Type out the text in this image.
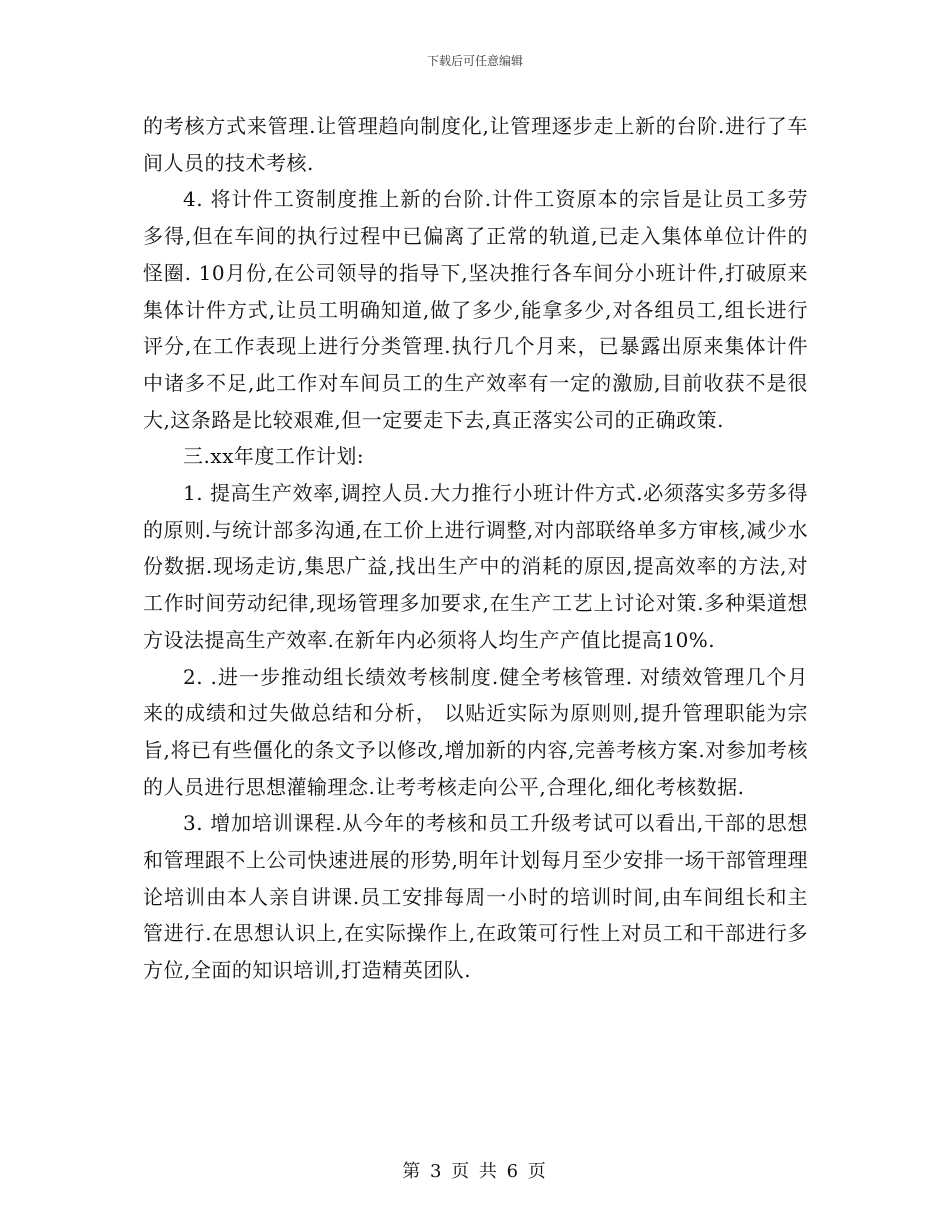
下载后可任意编辑

的考核方式来管理.让管理趋向制度化,让管理逐步走上新的台阶.进行了车间人员的技术考核.

4. 将计件工资制度推上新的台阶.计件工资原本的宗旨是让员工多劳多得,但在车间的执行过程中已偏离了正常的轨道,已走入集体单位计件的怪圈. 10月份,在公司领导的指导下,坚决推行各车间分小班计件,打破原来集体计件方式,让员工明确知道,做了多少,能拿多少,对各组员工,组长进行评分,在工作表现上进行分类管理.执行几个月来，已暴露出原来集体计件中诸多不足,此工作对车间员工的生产效率有一定的激励,目前收获不是很大,这条路是比较艰难,但一定要走下去,真正落实公司的正确政策.

三.xx年度工作计划:

1. 提高生产效率,调控人员.大力推行小班计件方式.必须落实多劳多得的原则.与统计部多沟通,在工价上进行调整,对内部联络单多方审核,减少水份数据.现场走访,集思广益,找出生产中的消耗的原因,提高效率的方法,对工作时间劳动纪律,现场管理多加要求,在生产工艺上讨论对策.多种渠道想方设法提高生产效率.在新年内必须将人均生产产值比提高10%.

2. .进一步推动组长绩效考核制度.健全考核管理. 对绩效管理几个月来的成绩和过失做总结和分析， 以贴近实际为原则则,提升管理职能为宗旨,将已有些僵化的条文予以修改,增加新的内容,完善考核方案.对参加考核的人员进行思想灌输理念.让考考核走向公平,合理化,细化考核数据.

3. 增加培训课程.从今年的考核和员工升级考试可以看出,干部的思想和管理跟不上公司快速进展的形势,明年计划每月至少安排一场干部管理理论培训由本人亲自讲课.员工安排每周一小时的培训时间,由车间组长和主管进行.在思想认识上,在实际操作上,在政策可行性上对员工和干部进行多方位,全面的知识培训,打造精英团队.

第 3 页 共 6 页
